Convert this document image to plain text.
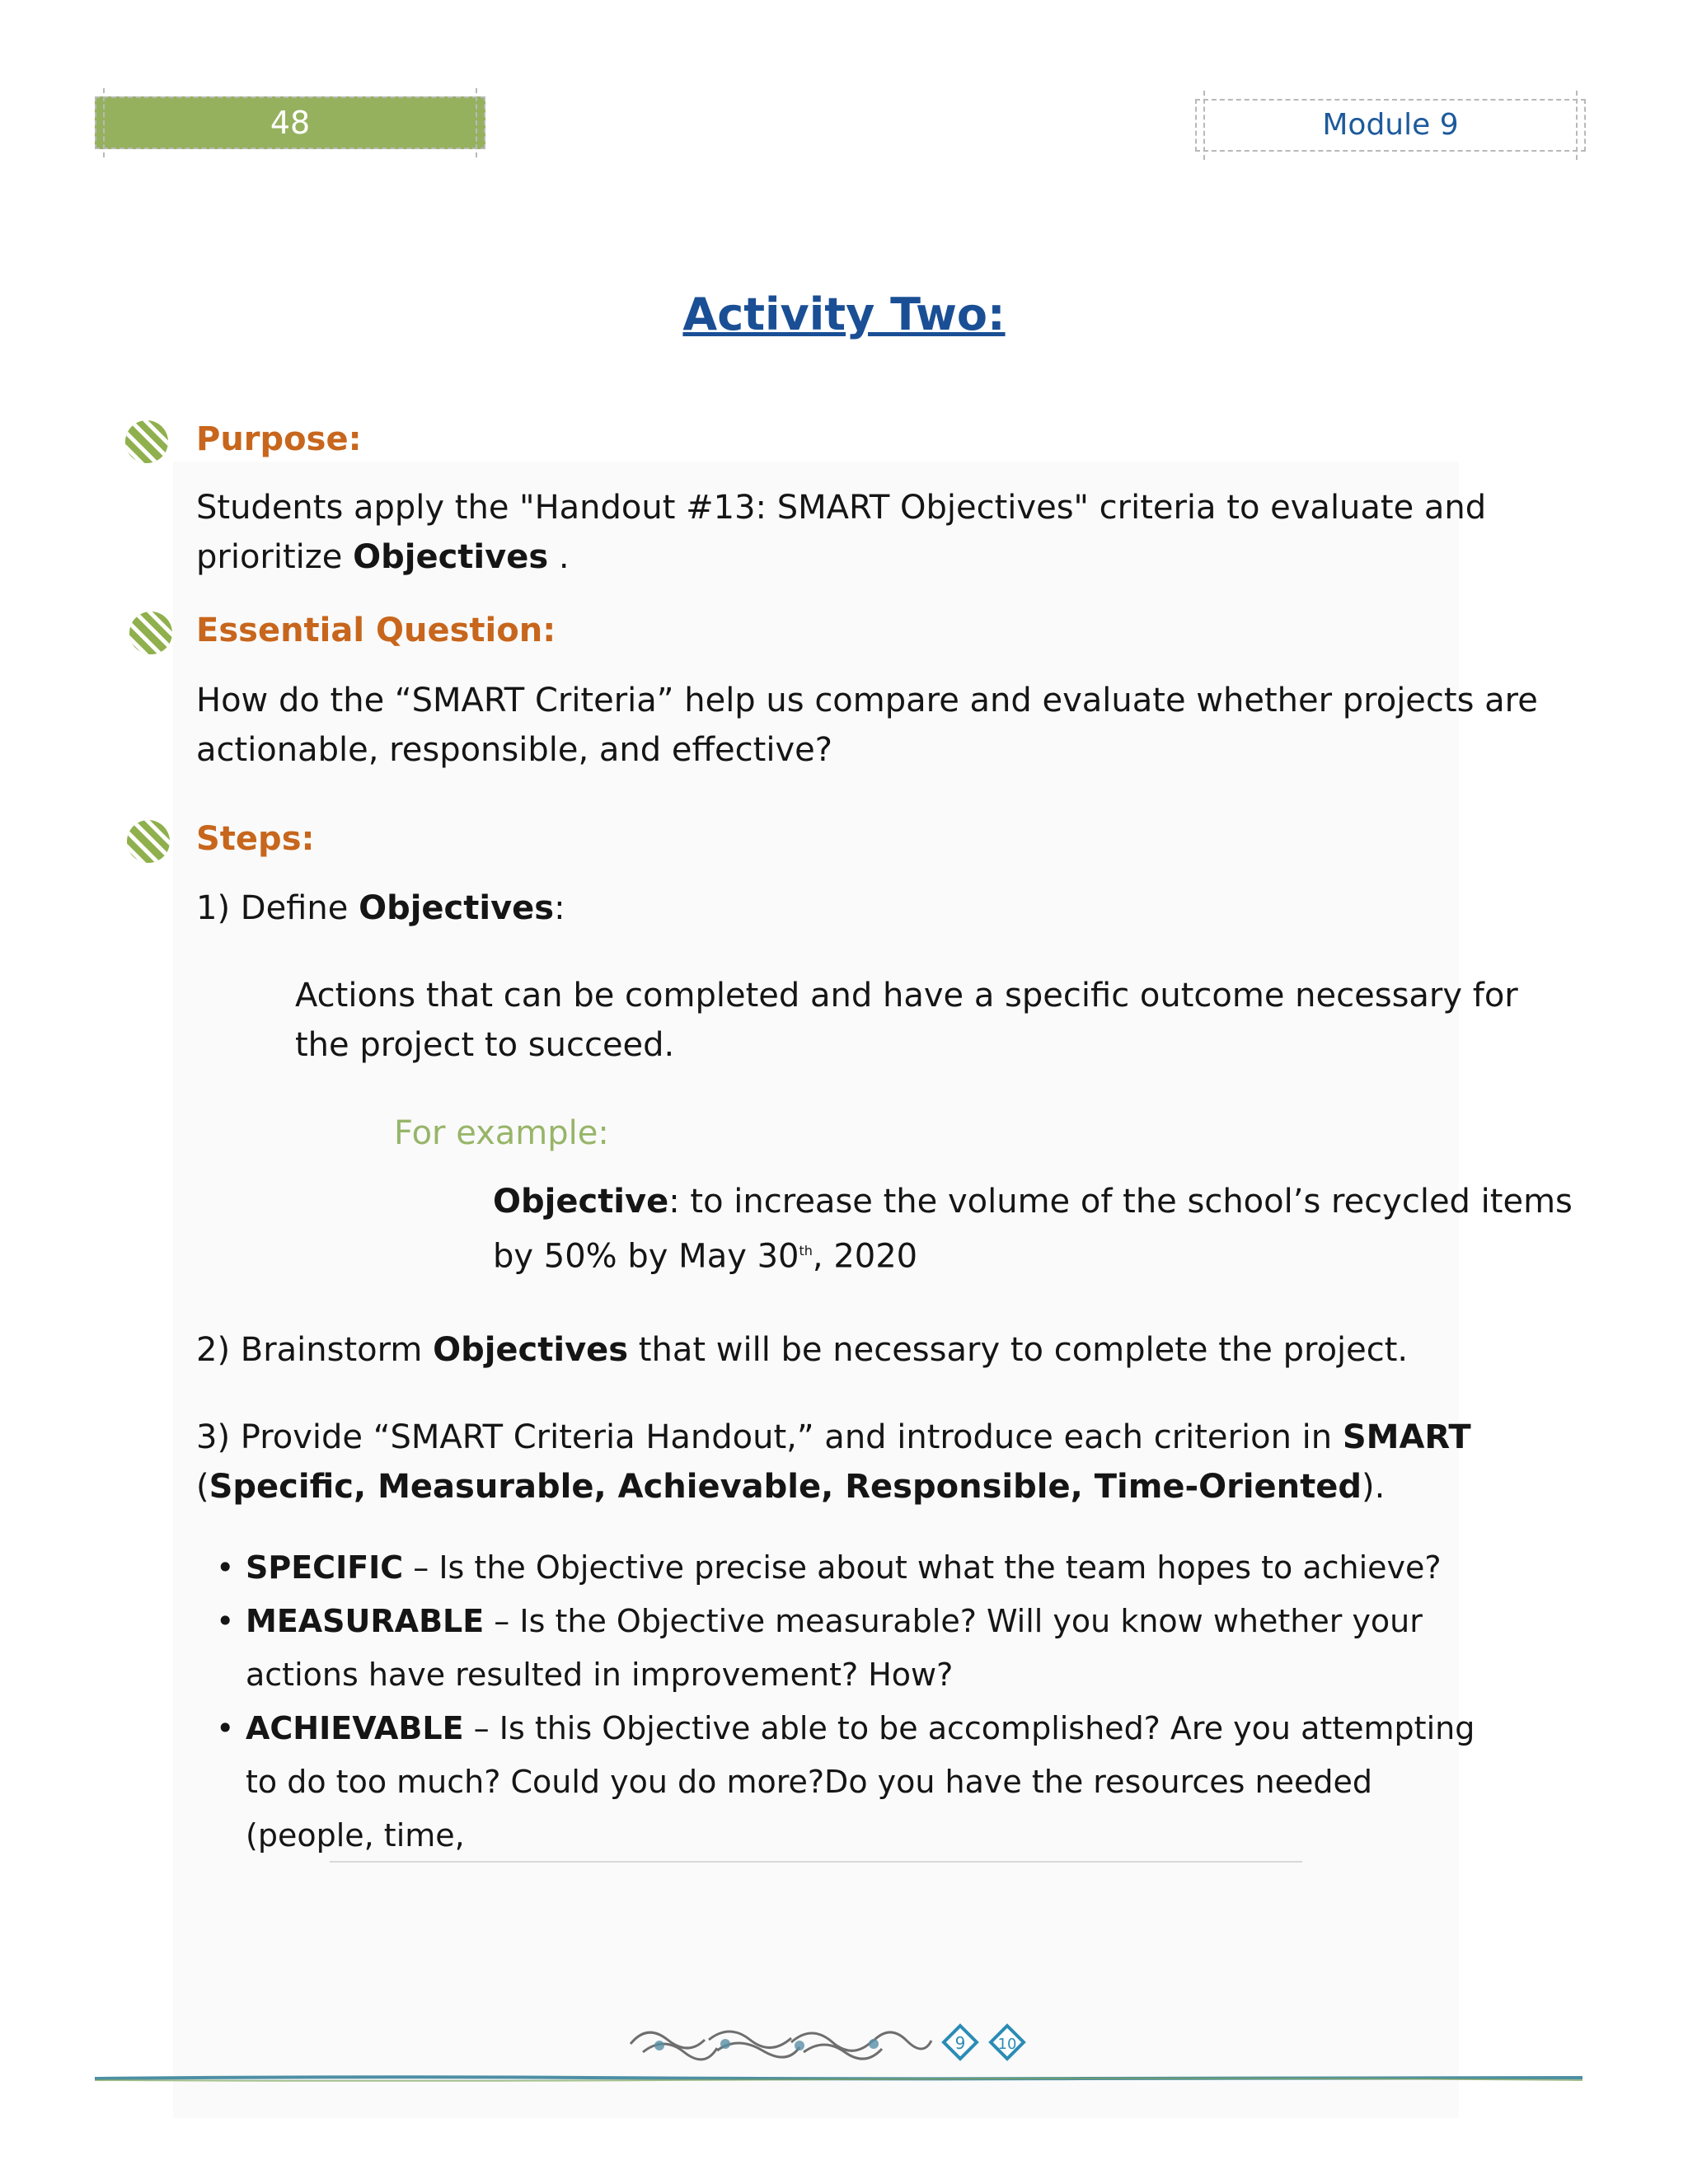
48	Module 9
Activity Two:
Purpose:
Students apply the "Handout #13: SMART Objectives" criteria to evaluate and
prioritize Objectives .
Essential Question:
How do the “SMART Criteria” help us compare and evaluate whether projects are
actionable, responsible, and effective?
Steps:
1) Define Objectives:
Actions that can be completed and have a specific outcome necessary for
the project to succeed.
For example:
Objective: to increase the volume of the school’s recycled items
by 50% by May 30th, 2020
2) Brainstorm Objectives that will be necessary to complete the project.
3) Provide “SMART Criteria Handout,” and introduce each criterion in SMART
(Specific, Measurable, Achievable, Responsible, Time-Oriented).
• SPECIFIC – Is the Objective precise about what the team hopes to achieve?
• MEASURABLE – Is the Objective measurable? Will you know whether your actions have resulted in improvement? How?
• ACHIEVABLE – Is this Objective able to be accomplished? Are you attempting to do too much? Could you do more?Do you have the resources needed (people, time,
9 10
